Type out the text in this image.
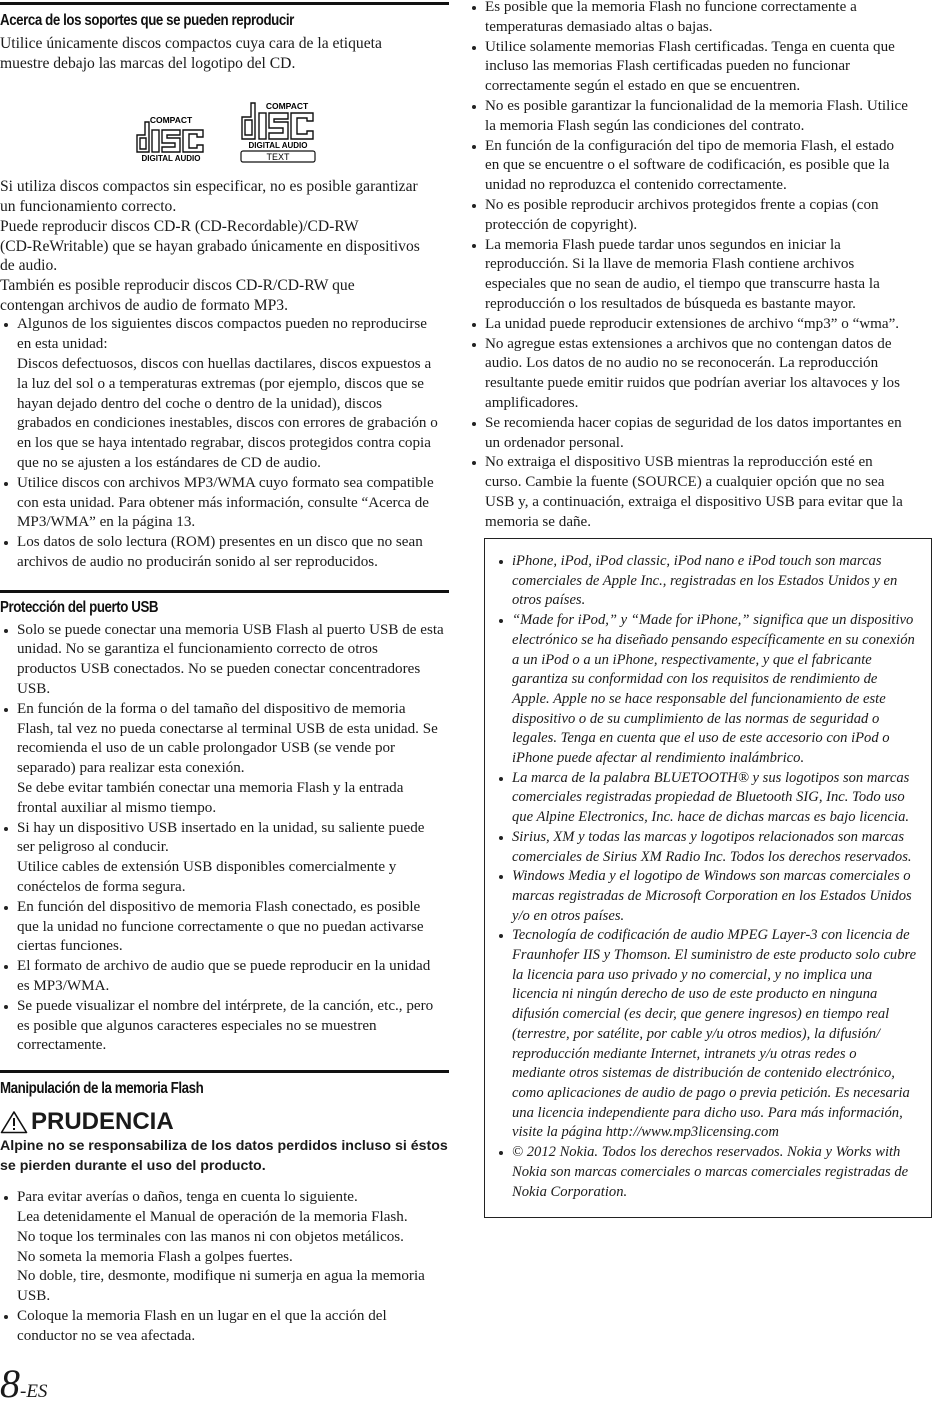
Acerca de los soportes que se pueden reproducir
Utilice únicamente discos compactos cuya cara de la etiqueta
muestre debajo las marcas del logotipo del CD.
COMPACT
DIGITAL AUDIO
COMPACT
DIGITAL AUDIO
TEXT
Si utiliza discos compactos sin especificar, no es posible garantizar
un funcionamiento correcto.
Puede reproducir discos CD-R (CD-Recordable)/CD-RW
(CD-ReWritable) que se hayan grabado únicamente en dispositivos
de audio.
También es posible reproducir discos CD-R/CD-RW que
contengan archivos de audio de formato MP3.
Algunos de los siguientes discos compactos pueden no reproducirse
en esta unidad:
Discos defectuosos, discos con huellas dactilares, discos expuestos a
la luz del sol o a temperaturas extremas (por ejemplo, discos que se
hayan dejado dentro del coche o dentro de la unidad), discos
grabados en condiciones inestables, discos con errores de grabación o
en los que se haya intentado regrabar, discos protegidos contra copia
que no se ajusten a los estándares de CD de audio.
Utilice discos con archivos MP3/WMA cuyo formato sea compatible
con esta unidad. Para obtener más información, consulte “Acerca de
MP3/WMA” en la página 13.
Los datos de solo lectura (ROM) presentes en un disco que no sean
archivos de audio no producirán sonido al ser reproducidos.
Protección del puerto USB
Solo se puede conectar una memoria USB Flash al puerto USB de esta
unidad. No se garantiza el funcionamiento correcto de otros
productos USB conectados. No se pueden conectar concentradores
USB.
En función de la forma o del tamaño del dispositivo de memoria
Flash, tal vez no pueda conectarse al terminal USB de esta unidad. Se
recomienda el uso de un cable prolongador USB (se vende por
separado) para realizar esta conexión.
Se debe evitar también conectar una memoria Flash y la entrada
frontal auxiliar al mismo tiempo.
Si hay un dispositivo USB insertado en la unidad, su saliente puede
ser peligroso al conducir.
Utilice cables de extensión USB disponibles comercialmente y
conéctelos de forma segura.
En función del dispositivo de memoria Flash conectado, es posible
que la unidad no funcione correctamente o que no puedan activarse
ciertas funciones.
El formato de archivo de audio que se puede reproducir en la unidad
es MP3/WMA.
Se puede visualizar el nombre del intérprete, de la canción, etc., pero
es posible que algunos caracteres especiales no se muestren
correctamente.
Manipulación de la memoria Flash
PRUDENCIA
Alpine no se responsabiliza de los datos perdidos incluso si éstos
se pierden durante el uso del producto.
Para evitar averías o daños, tenga en cuenta lo siguiente.
Lea detenidamente el Manual de operación de la memoria Flash.
No toque los terminales con las manos ni con objetos metálicos.
No someta la memoria Flash a golpes fuertes.
No doble, tire, desmonte, modifique ni sumerja en agua la memoria
USB.
Coloque la memoria Flash en un lugar en el que la acción del
conductor no se vea afectada.
8-ES
Es posible que la memoria Flash no funcione correctamente a
temperaturas demasiado altas o bajas.
Utilice solamente memorias Flash certificadas. Tenga en cuenta que
incluso las memorias Flash certificadas pueden no funcionar
correctamente según el estado en que se encuentren.
No es posible garantizar la funcionalidad de la memoria Flash. Utilice
la memoria Flash según las condiciones del contrato.
En función de la configuración del tipo de memoria Flash, el estado
en que se encuentre o el software de codificación, es posible que la
unidad no reproduzca el contenido correctamente.
No es posible reproducir archivos protegidos frente a copias (con
protección de copyright).
La memoria Flash puede tardar unos segundos en iniciar la
reproducción. Si la llave de memoria Flash contiene archivos
especiales que no sean de audio, el tiempo que transcurre hasta la
reproducción o los resultados de búsqueda es bastante mayor.
La unidad puede reproducir extensiones de archivo “mp3” o “wma”.
No agregue estas extensiones a archivos que no contengan datos de
audio. Los datos de no audio no se reconocerán. La reproducción
resultante puede emitir ruidos que podrían averiar los altavoces y los
amplificadores.
Se recomienda hacer copias de seguridad de los datos importantes en
un ordenador personal.
No extraiga el dispositivo USB mientras la reproducción esté en
curso. Cambie la fuente (SOURCE) a cualquier opción que no sea
USB y, a continuación, extraiga el dispositivo USB para evitar que la
memoria se dañe.
iPhone, iPod, iPod classic, iPod nano e iPod touch son marcas
comerciales de Apple Inc., registradas en los Estados Unidos y en
otros países.
“Made for iPod,” y “Made for iPhone,” significa que un dispositivo
electrónico se ha diseñado pensando específicamente en su conexión
a un iPod o a un iPhone, respectivamente, y que el fabricante
garantiza su conformidad con los requisitos de rendimiento de
Apple. Apple no se hace responsable del funcionamiento de este
dispositivo o de su cumplimiento de las normas de seguridad o
legales. Tenga en cuenta que el uso de este accesorio con iPod o
iPhone puede afectar al rendimiento inalámbrico.
La marca de la palabra BLUETOOTH® y sus logotipos son marcas
comerciales registradas propiedad de Bluetooth SIG, Inc. Todo uso
que Alpine Electronics, Inc. hace de dichas marcas es bajo licencia.
Sirius, XM y todas las marcas y logotipos relacionados son marcas
comerciales de Sirius XM Radio Inc. Todos los derechos reservados.
Windows Media y el logotipo de Windows son marcas comerciales o
marcas registradas de Microsoft Corporation en los Estados Unidos
y/o en otros países.
Tecnología de codificación de audio MPEG Layer-3 con licencia de
Fraunhofer IIS y Thomson. El suministro de este producto solo cubre
la licencia para uso privado y no comercial, y no implica una
licencia ni ningún derecho de uso de este producto en ninguna
difusión comercial (es decir, que genere ingresos) en tiempo real
(terrestre, por satélite, por cable y/u otros medios), la difusión/
reproducción mediante Internet, intranets y/u otras redes o
mediante otros sistemas de distribución de contenido electrónico,
como aplicaciones de audio de pago o previa petición. Es necesaria
una licencia independiente para dicho uso. Para más información,
visite la página http://www.mp3licensing.com
© 2012 Nokia. Todos los derechos reservados. Nokia y Works with
Nokia son marcas comerciales o marcas comerciales registradas de
Nokia Corporation.
